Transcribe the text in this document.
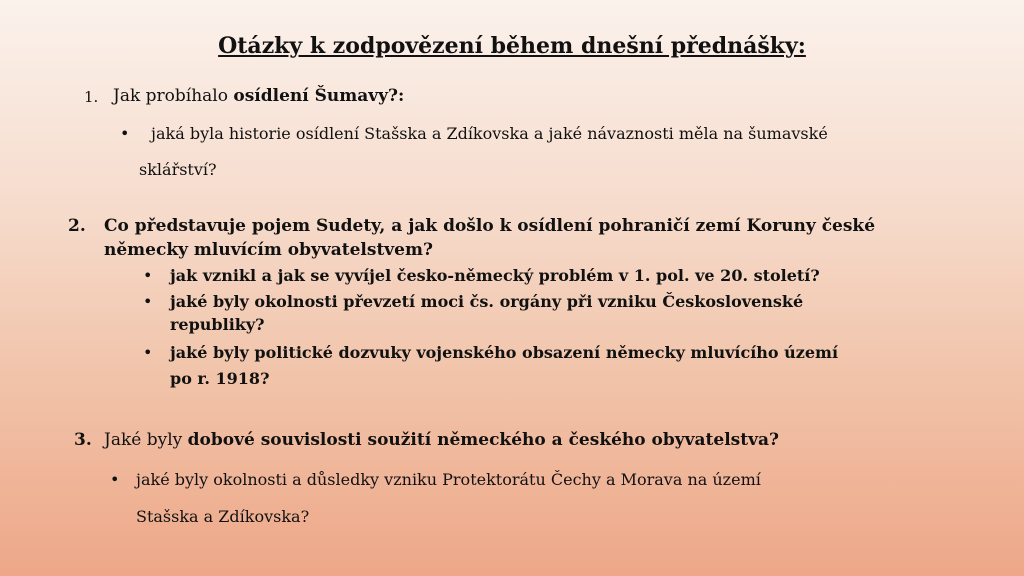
Otázky k zodpovězení během dnešní přednášky:
1. Jak probíhalo osídlení Šumavy?:
• jaká byla historie osídlení Stašska a Zdíkovska a jaké návaznosti měla na šumavské
sklářství?
2. Co představuje pojem Sudety, a jak došlo k osídlení pohraničí zemí Koruny české
německy mluvícím obyvatelstvem?
• jak vznikl a jak se vyvíjel česko-německý problém v 1. pol. ve 20. století?
• jaké byly okolnosti převzetí moci čs. orgány při vzniku Československé
republiky?
• jaké byly politické dozvuky vojenského obsazení německy mluvícího území
po r. 1918?
3. Jaké byly dobové souvislosti soužití německého a českého obyvatelstva?
• jaké byly okolnosti a důsledky vzniku Protektorátu Čechy a Morava na území
Stašska a Zdíkovska?
